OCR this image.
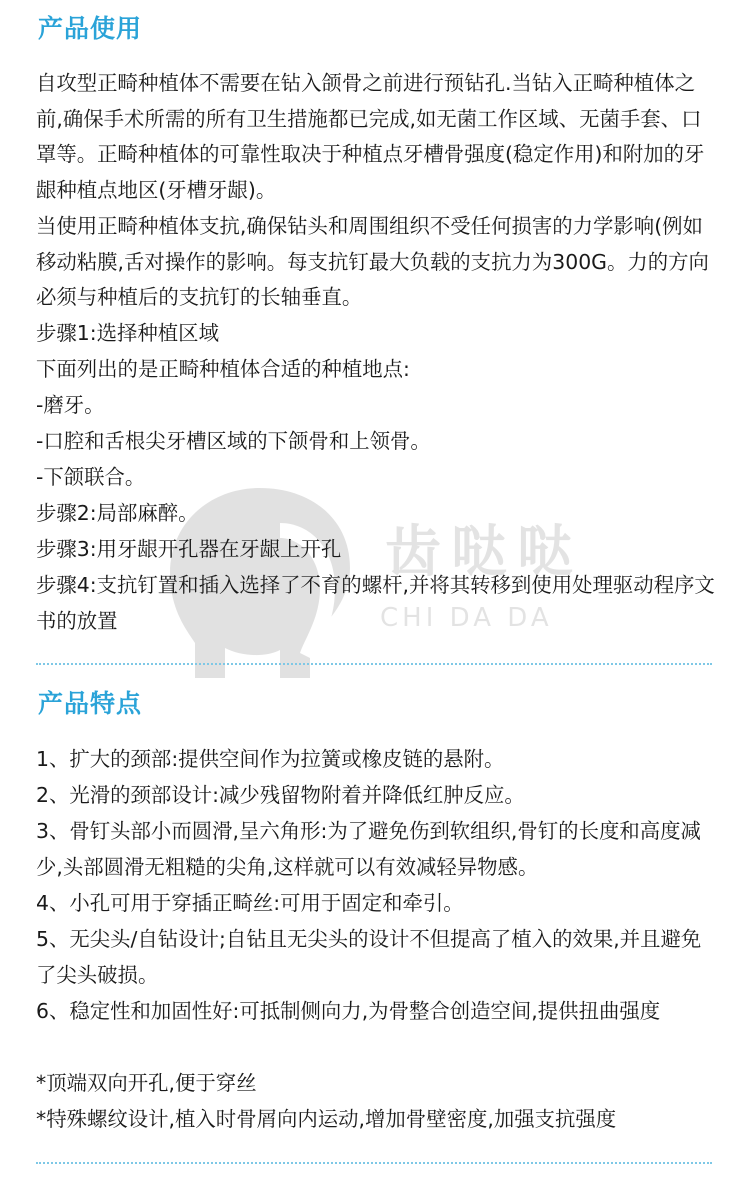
齿哒哒
CHI DA DA
产品使用

自攻型正畸种植体不需要在钻入颌骨之前进行预钻孔.当钻入正畸种植体之前,确保手术所需的所有卫生措施都已完成,如无菌工作区域、无菌手套、口罩等。正畸种植体的可靠性取决于种植点牙槽骨强度(稳定作用)和附加的牙龈种植点地区(牙槽牙龈)。

当使用正畸种植体支抗,确保钻头和周围组织不受任何损害的力学影响(例如移动粘膜,舌对操作的影响。每支抗钉最大负载的支抗力为300G。力的方向必须与种植后的支抗钉的长轴垂直。

步骤1:选择种植区域

下面列出的是正畸种植体合适的种植地点:

-磨牙。

-口腔和舌根尖牙槽区域的下颌骨和上领骨。

-下颌联合。

步骤2:局部麻醉。

步骤3:用牙龈开孔器在牙龈上开孔

步骤4:支抗钉置和插入选择了不育的螺杆,并将其转移到使用处理驱动程序文书的放置

产品特点

1、扩大的颈部:提供空间作为拉簧或橡皮链的悬附。

2、光滑的颈部设计:减少残留物附着并降低红肿反应。

3、骨钉头部小而圆滑,呈六角形:为了避免伤到软组织,骨钉的长度和高度减少,头部圆滑无粗糙的尖角,这样就可以有效减轻异物感。

4、小孔可用于穿插正畸丝:可用于固定和牵引。

5、无尖头/自钻设计;自钻且无尖头的设计不但提高了植入的效果,并且避免了尖头破损。

6、稳定性和加固性好:可抵制侧向力,为骨整合创造空间,提供扭曲强度

*顶端双向开孔,便于穿丝

*特殊螺纹设计,植入时骨屑向内运动,增加骨壁密度,加强支抗强度
